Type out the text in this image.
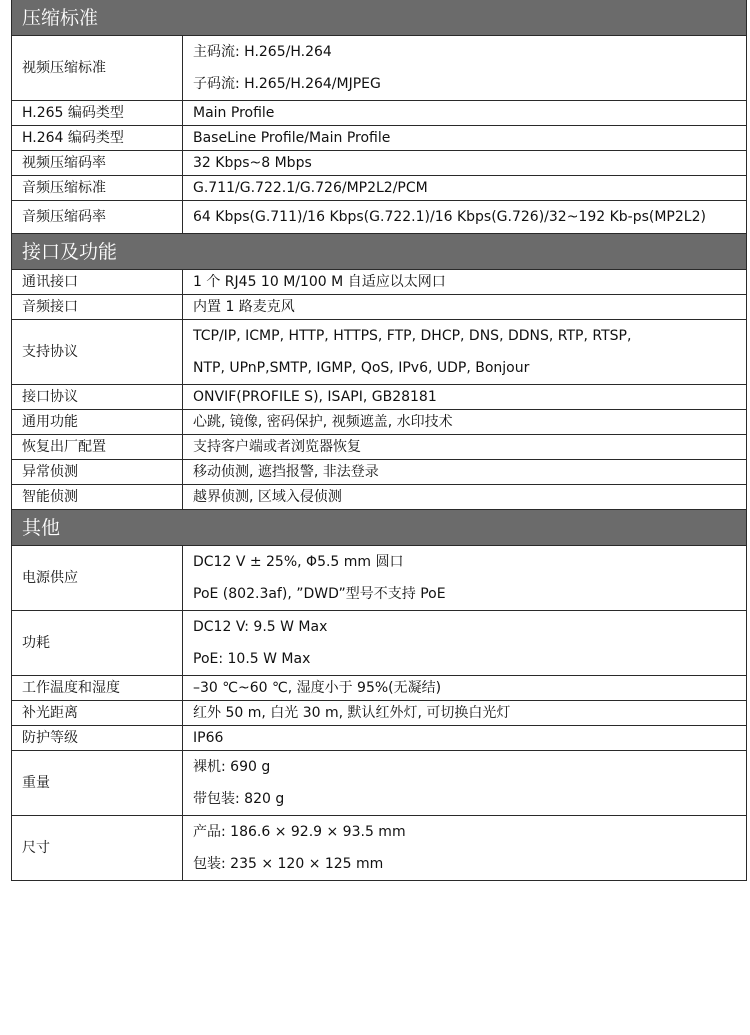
压缩标准	
视频压缩标准	主码流: H.265/H.264
子码流: H.265/H.264/MJPEG

H.265 编码类型	Main Profile
H.264 编码类型	BaseLine Profile/Main Profile
视频压缩码率	32 Kbps~8 Mbps
音频压缩标准	G.711/G.722.1/G.726/MP2L2/PCM
音频压缩码率	64 Kbps(G.711)/16 Kbps(G.722.1)/16 Kbps(G.726)/32~192 Kb-ps(MP2L2)

接口及功能	
通讯接口	1 个 RJ45 10 M/100 M 自适应以太网口
音频接口	内置 1 路麦克风
支持协议	TCP/IP, ICMP, HTTP, HTTPS, FTP, DHCP, DNS, DDNS, RTP, RTSP,
NTP, UPnP,SMTP, IGMP, QoS, IPv6, UDP, Bonjour

接口协议	ONVIF(PROFILE S), ISAPI, GB28181
通用功能	心跳, 镜像, 密码保护, 视频遮盖, 水印技术
恢复出厂配置	支持客户端或者浏览器恢复
异常侦测	移动侦测, 遮挡报警, 非法登录
智能侦测	越界侦测, 区域入侵侦测
其他	
电源供应	DC12 V ± 25%, Φ5.5 mm 圆口
PoE (802.3af), ”DWD”型号不支持 PoE

功耗	DC12 V: 9.5 W Max
PoE: 10.5 W Max

工作温度和湿度	–30 ℃~60 ℃, 湿度小于 95%(无凝结)
补光距离	红外 50 m, 白光 30 m, 默认红外灯, 可切换白光灯
防护等级	IP66
重量	裸机: 690 g
带包装: 820 g

尺寸	产品: 186.6 × 92.9 × 93.5 mm
包装: 235 × 120 × 125 mm
